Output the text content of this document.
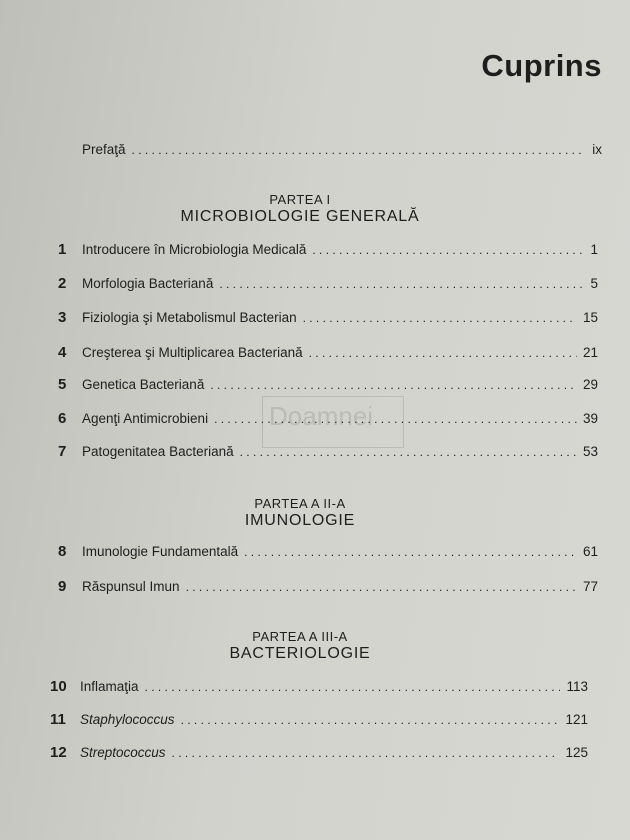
Cuprins
Prefaţă . . .	ix
PARTEA I
MICROBIOLOGIE GENERALĂ
1	Introducere în Microbiologia Medicală . . .	1
2	Morfologia Bacteriană . . .	5
3	Fiziologia şi Metabolismul Bacterian . . .	15
4	Creşterea şi Multiplicarea Bacteriană . . .	21
5	Genetica Bacteriană . . .	29
6	Agenţi Antimicrobieni . . .	39
7	Patogenitatea Bacteriană . . .	53
Doamnei
PARTEA A II-A
IMUNOLOGIE
8	Imunologie Fundamentală . . .	61
9	Răspunsul Imun . . .	77
PARTEA A III-A
BACTERIOLOGIE
10 Inflamaţia . . .	113
11	Staphylococcus . . .	121
12 Streptococcus . . .	125
